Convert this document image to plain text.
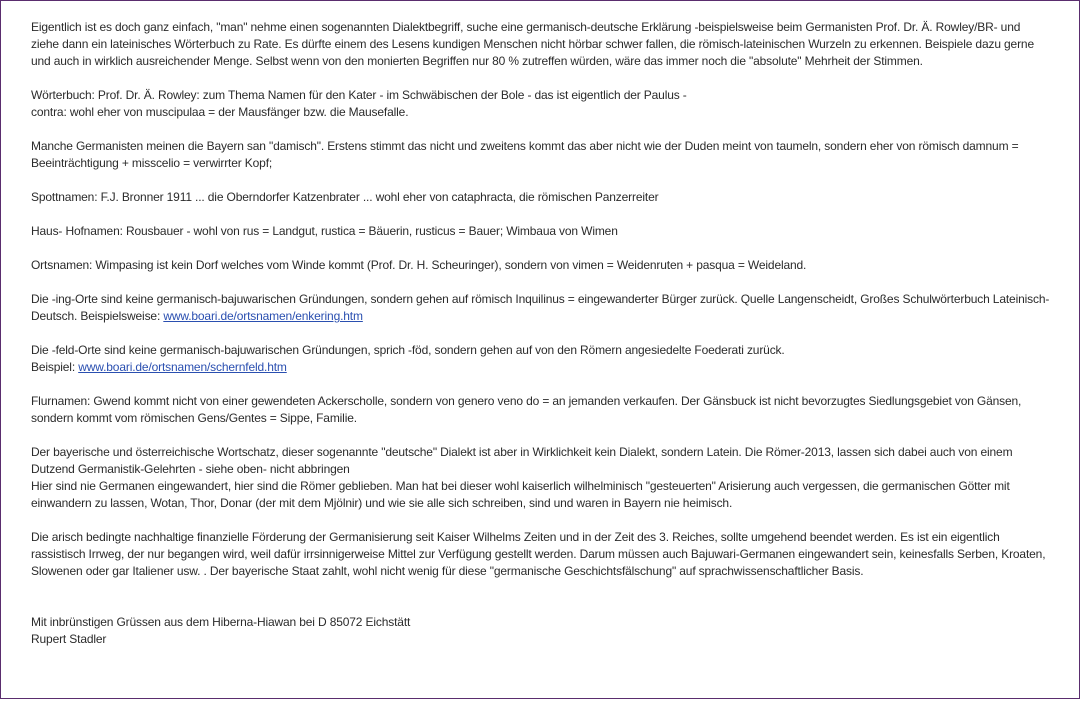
Eigentlich ist es doch ganz einfach, "man" nehme einen sogenannten Dialektbegriff, suche eine germanisch-deutsche Erklärung -beispielsweise beim Germanisten Prof. Dr. Ä. Rowley/BR- und ziehe dann ein lateinisches Wörterbuch zu Rate. Es dürfte einem des Lesens kundigen Menschen nicht hörbar schwer fallen, die römisch-lateinischen Wurzeln zu erkennen. Beispiele dazu gerne und auch in wirklich ausreichender Menge. Selbst wenn von den monierten Begriffen nur 80 % zutreffen würden, wäre das immer noch die "absolute" Mehrheit der Stimmen.

Wörterbuch: Prof. Dr. Ä. Rowley: zum Thema Namen für den Kater - im Schwäbischen der Bole - das ist eigentlich der Paulus -
contra: wohl eher von muscipulaa = der Mausfänger bzw. die Mausefalle.

Manche Germanisten meinen die Bayern san "damisch". Erstens stimmt das nicht und zweitens kommt das aber nicht wie der Duden meint von taumeln, sondern eher von römisch damnum = Beeinträchtigung + misscelio = verwirrter Kopf;

Spottnamen: F.J. Bronner 1911 ... die Oberndorfer Katzenbrater ... wohl eher von cataphracta, die römischen Panzerreiter

Haus- Hofnamen: Rousbauer - wohl von rus = Landgut, rustica = Bäuerin, rusticus = Bauer; Wimbaua von Wimen

Ortsnamen: Wimpasing ist kein Dorf welches vom Winde kommt (Prof. Dr. H. Scheuringer), sondern von vimen = Weidenruten + pasqua = Weideland.

Die -ing-Orte sind keine germanisch-bajuwarischen Gründungen, sondern gehen auf römisch Inquilinus = eingewanderter Bürger zurück. Quelle Langenscheidt, Großes Schulwörterbuch Lateinisch-Deutsch. Beispielsweise: www.boari.de/ortsnamen/enkering.htm

Die -feld-Orte sind keine germanisch-bajuwarischen Gründungen, sprich -föd, sondern gehen auf von den Römern angesiedelte Foederati zurück.
Beispiel: www.boari.de/ortsnamen/schernfeld.htm

Flurnamen: Gwend kommt nicht von einer gewendeten Ackerscholle, sondern von genero veno do = an jemanden verkaufen. Der Gänsbuck ist nicht bevorzugtes Siedlungsgebiet von Gänsen, sondern kommt vom römischen Gens/Gentes = Sippe, Familie.

Der bayerische und österreichische Wortschatz, dieser sogenannte "deutsche" Dialekt ist aber in Wirklichkeit kein Dialekt, sondern Latein. Die Römer-2013, lassen sich dabei auch von einem Dutzend Germanistik-Gelehrten - siehe oben- nicht abbringen
Hier sind nie Germanen eingewandert, hier sind die Römer geblieben. Man hat bei dieser wohl kaiserlich wilhelminisch "gesteuerten" Arisierung auch vergessen, die germanischen Götter mit einwandern zu lassen, Wotan, Thor, Donar (der mit dem Mjölnir) und wie sie alle sich schreiben, sind und waren in Bayern nie heimisch.

Die arisch bedingte nachhaltige finanzielle Förderung der Germanisierung seit Kaiser Wilhelms Zeiten und in der Zeit des 3. Reiches, sollte umgehend beendet werden. Es ist ein eigentlich rassistisch Irrweg, der nur begangen wird, weil dafür irrsinnigerweise Mittel zur Verfügung gestellt werden. Darum müssen auch Bajuwari-Germanen eingewandert sein, keinesfalls Serben, Kroaten, Slowenen oder gar Italiener usw. . Der bayerische Staat zahlt, wohl nicht wenig für diese "germanische Geschichtsfälschung" auf sprachwissenschaftlicher Basis.

Mit inbrünstigen Grüssen aus dem Hiberna-Hiawan bei D 85072 Eichstätt
Rupert Stadler
